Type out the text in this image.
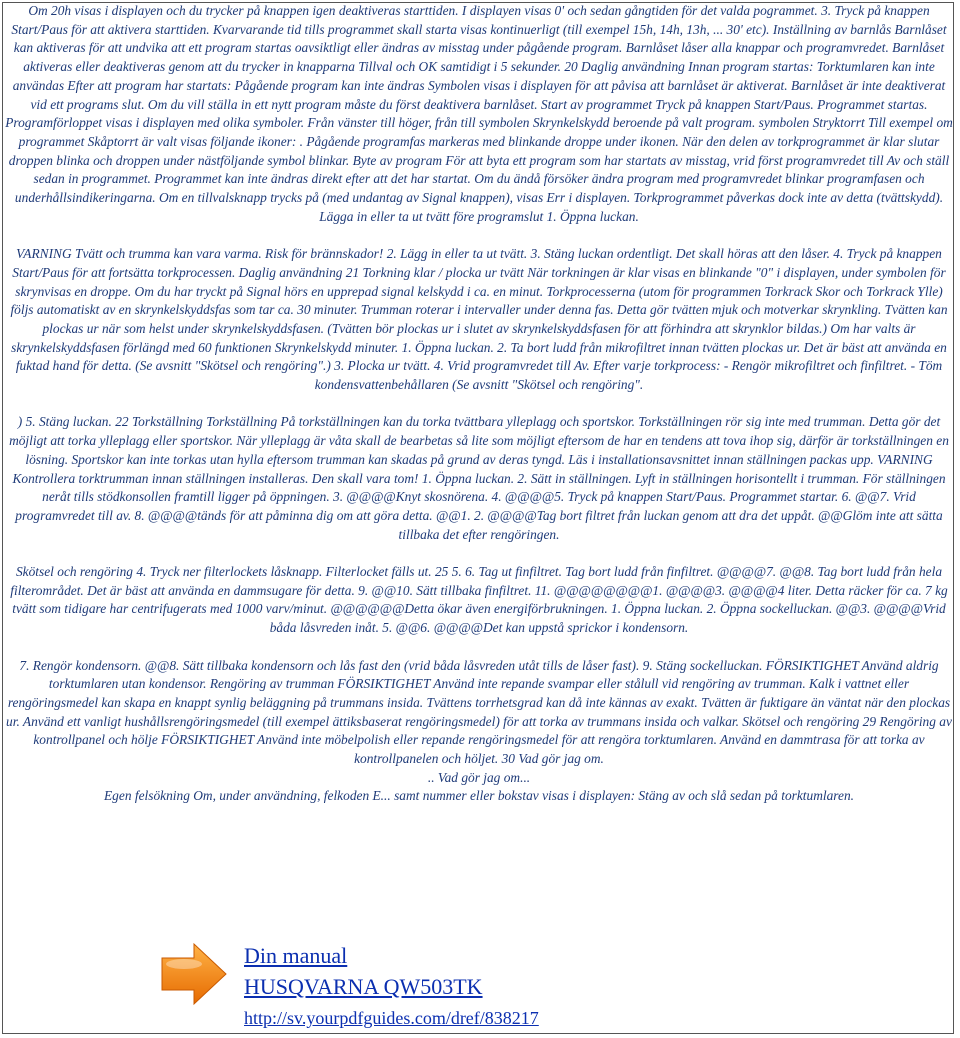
Om 20h visas i displayen och du trycker på knappen igen deaktiveras starttiden. I displayen visas 0' och sedan gångtiden för det valda pogrammet. 3. Tryck på knappen Start/Paus för att aktivera starttiden. Kvarvarande tid tills programmet skall starta visas kontinuerligt (till exempel 15h, 14h, 13h, ... 30' etc). Inställning av barnlås Barnlåset kan aktiveras för att undvika att ett program startas oavsiktligt eller ändras av misstag under pågående program. Barnlåset låser alla knappar och programvredet. Barnlåset aktiveras eller deaktiveras genom att du trycker in knapparna Tillval och OK samtidigt i 5 sekunder. 20 Daglig användning Innan program startas: Torktumlaren kan inte användas Efter att program har startats: Pågående program kan inte ändras Symbolen visas i displayen för att påvisa att barnlåset är aktiverat. Barnlåset är inte deaktiverat vid ett programs slut. Om du vill ställa in ett nytt program måste du först deaktivera barnlåset. Start av programmet Tryck på knappen Start/Paus. Programmet startas. Programförloppet visas i displayen med olika symboler. Från vänster till höger, från till symbolen Skrynkelskydd beroende på valt program. symbolen Stryktorrt Till exempel om programmet Skåptorrt är valt visas följande ikoner: . Pågående programfas markeras med blinkande droppe under ikonen. När den delen av torkprogrammet är klar slutar droppen blinka och droppen under nästföljande symbol blinkar. Byte av program För att byta ett program som har startats av misstag, vrid först programvredet till Av och ställ sedan in programmet. Programmet kan inte ändras direkt efter att det har startat. Om du ändå försöker ändra program med programvredet blinkar programfasen och underhållsindikeringarna. Om en tillvalsknapp trycks på (med undantag av Signal knappen), visas Err i displayen. Torkprogrammet påverkas dock inte av detta (tvättskydd). Lägga in eller ta ut tvätt före programslut 1. Öppna luckan.

VARNING Tvätt och trumma kan vara varma. Risk för brännskador! 2. Lägg in eller ta ut tvätt. 3. Stäng luckan ordentligt. Det skall höras att den låser. 4. Tryck på knappen Start/Paus för att fortsätta torkprocessen. Daglig användning 21 Torkning klar / plocka ur tvätt När torkningen är klar visas en blinkande "0" i displayen, under symbolen för skrynvisas en droppe. Om du har tryckt på Signal hörs en upprepad signal kelskydd i ca. en minut. Torkprocesserna (utom för programmen Torkrack Skor och Torkrack Ylle) följs automatiskt av en skrynkelskyddsfas som tar ca. 30 minuter. Trumman roterar i intervaller under denna fas. Detta gör tvätten mjuk och motverkar skrynkling. Tvätten kan plockas ur när som helst under skrynkelskyddsfasen. (Tvätten bör plockas ur i slutet av skrynkelskyddsfasen för att förhindra att skrynklor bildas.) Om har valts är skrynkelskyddsfasen förlängd med 60 funktionen Skrynkelskydd minuter. 1. Öppna luckan. 2. Ta bort ludd från mikrofiltret innan tvätten plockas ur. Det är bäst att använda en fuktad hand för detta. (Se avsnitt "Skötsel och rengöring".) 3. Plocka ur tvätt. 4. Vrid programvredet till Av. Efter varje torkprocess: - Rengör mikrofiltret och finfiltret. - Töm kondensvattenbehållaren (Se avsnitt "Skötsel och rengöring".

) 5. Stäng luckan. 22 Torkställning Torkställning På torkställningen kan du torka tvättbara ylleplagg och sportskor. Torkställningen rör sig inte med trumman. Detta gör det möjligt att torka ylleplagg eller sportskor. När ylleplagg är våta skall de bearbetas så lite som möjligt eftersom de har en tendens att tova ihop sig, därför är torkställningen en lösning. Sportskor kan inte torkas utan hylla eftersom trumman kan skadas på grund av deras tyngd. Läs i installationsavsnittet innan ställningen packas upp. VARNING Kontrollera torktrumman innan ställningen installeras. Den skall vara tom! 1. Öppna luckan. 2. Sätt in ställningen. Lyft in ställningen horisontellt i trumman. För ställningen neråt tills stödkonsollen framtill ligger på öppningen. 3. @@@@Knyt skosnörena. 4. @@@@5. Tryck på knappen Start/Paus. Programmet startar. 6. @@7. Vrid programvredet till av. 8. @@@@tänds för att påminna dig om att göra detta. @@1. 2. @@@@Tag bort filtret från luckan genom att dra det uppåt. @@Glöm inte att sätta tillbaka det efter rengöringen.

Skötsel och rengöring 4. Tryck ner filterlockets låsknapp. Filterlocket fälls ut. 25 5. 6. Tag ut finfiltret. Tag bort ludd från finfiltret. @@@@7. @@8. Tag bort ludd från hela filterområdet. Det är bäst att använda en dammsugare för detta. 9. @@10. Sätt tillbaka finfiltret. 11. @@@@@@@@1. @@@@3. @@@@4 liter. Detta räcker för ca. 7 kg tvätt som tidigare har centrifugerats med 1000 varv/minut. @@@@@@Detta ökar även energiförbrukningen. 1. Öppna luckan. 2. Öppna sockelluckan. @@3. @@@@Vrid båda låsvreden inåt. 5. @@6. @@@@Det kan uppstå sprickor i kondensorn.

7. Rengör kondensorn. @@8. Sätt tillbaka kondensorn och lås fast den (vrid båda låsvreden utåt tills de låser fast). 9. Stäng sockelluckan. FÖRSIKTIGHET Använd aldrig torktumlaren utan kondensor. Rengöring av trumman FÖRSIKTIGHET Använd inte repande svampar eller stålull vid rengöring av trumman. Kalk i vattnet eller rengöringsmedel kan skapa en knappt synlig beläggning på trummans insida. Tvättens torrhetsgrad kan då inte kännas av exakt. Tvätten är fuktigare än väntat när den plockas ur. Använd ett vanligt hushållsrengöringsmedel (till exempel ättiksbaserat rengöringsmedel) för att torka av trummans insida och valkar. Skötsel och rengöring 29 Rengöring av kontrollpanel och hölje FÖRSIKTIGHET Använd inte möbelpolish eller repande rengöringsmedel för att rengöra torktumlaren. Använd en dammtrasa för att torka av kontrollpanelen och höljet. 30 Vad gör jag om.

.. Vad gör jag om...

Egen felsökning Om, under användning, felkoden E... samt nummer eller bokstav visas i displayen: Stäng av och slå sedan på torktumlaren.

Din manual
HUSQVARNA QW503TK
http://sv.yourpdfguides.com/dref/838217
